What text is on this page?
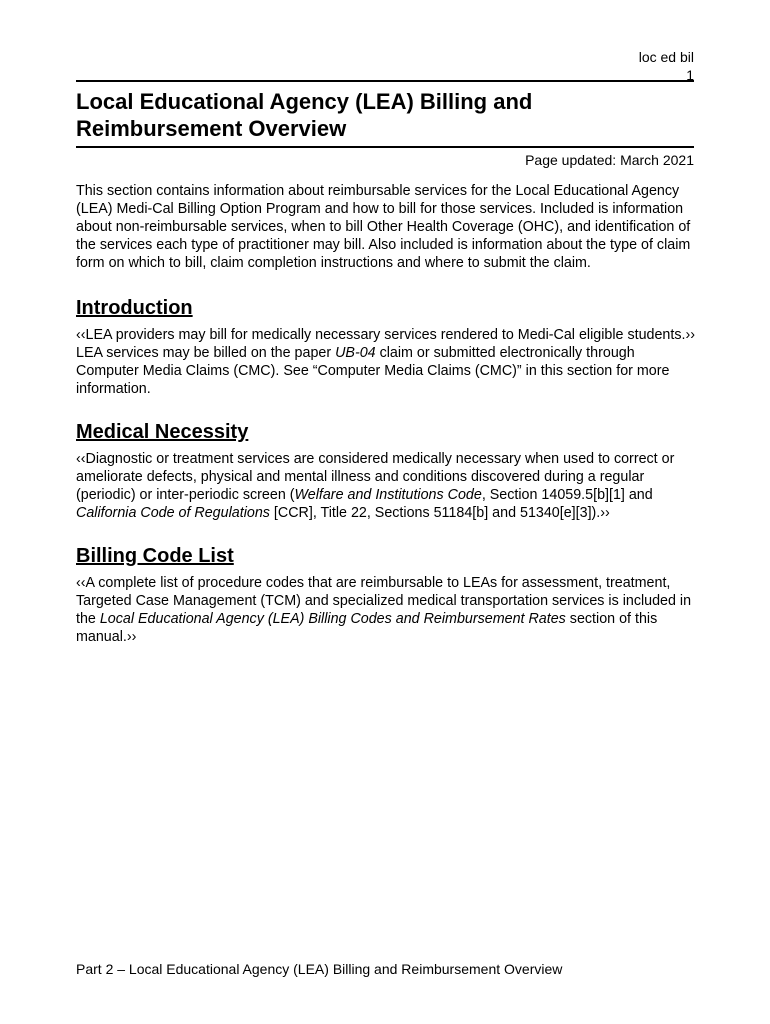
loc ed bil
1
Local Educational Agency (LEA) Billing and
Reimbursement Overview
Page updated: March 2021

This section contains information about reimbursable services for the Local Educational Agency (LEA) Medi-Cal Billing Option Program and how to bill for those services. Included is information about non-reimbursable services, when to bill Other Health Coverage (OHC), and identification of the services each type of practitioner may bill. Also included is information about the type of claim form on which to bill, claim completion instructions and where to submit the claim.

Introduction

‹‹LEA providers may bill for medically necessary services rendered to Medi-Cal eligible students.›› LEA services may be billed on the paper UB-04 claim or submitted electronically through Computer Media Claims (CMC). See “Computer Media Claims (CMC)” in this section for more information.

Medical Necessity

‹‹Diagnostic or treatment services are considered medically necessary when used to correct or ameliorate defects, physical and mental illness and conditions discovered during a regular (periodic) or inter-periodic screen (Welfare and Institutions Code, Section 14059.5[b][1] and California Code of Regulations [CCR], Title 22, Sections 51184[b] and 51340[e][3]).››

Billing Code List

‹‹A complete list of procedure codes that are reimbursable to LEAs for assessment, treatment, Targeted Case Management (TCM) and specialized medical transportation services is included in the Local Educational Agency (LEA) Billing Codes and Reimbursement Rates section of this manual.››

Part 2 – Local Educational Agency (LEA) Billing and Reimbursement Overview
